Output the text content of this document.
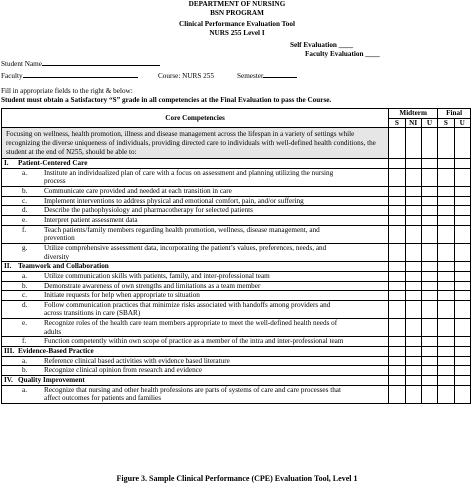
DEPARTMENT OF NURSING
BSN PROGRAM
Clinical Performance Evaluation Tool
NURS 255 Level I
Self Evaluation ____
Faculty Evaluation ____
Student Name
Faculty	Course: NURS 255	Semester
Fill in appropriate fields to the right & below:
Student must obtain a Satisfactory “S” grade in all competencies at the Final Evaluation to pass the Course.
Core Competencies	Midterm			Final	
	S	NI	U	S	U
Focusing on wellness, health promotion, illness and disease management across the lifespan in a variety of settings while recognizing the diverse uniqueness of individuals, providing directed care to individuals with well-defined health conditions, the student at the end of N255, should be able to:					
I. Patient-Centered Care					
a. Institute an individualized plan of care with a focus on assessment and planning utilizing the nursing process					
b. Communicate care provided and needed at each transition in care					
c. Implement interventions to address physical and emotional comfort, pain, and/or suffering					
d. Describe the pathophysiology and pharmacotherapy for selected patients					
e. Interpret patient assessment data					
f. Teach patients/family members regarding health promotion, wellness, disease management, and prevention					
g. Utilize comprehensive assessment data, incorporating the patient’s values, preferences, needs, and diversity					
II. Teamwork and Collaboration					
a. Utilize communication skills with patients, family, and inter-professional team					
b. Demonstrate awareness of own strengths and limitations as a team member					
c. Initiate requests for help when appropriate to situation					
d. Follow communication practices that minimize risks associated with handoffs among providers and across transitions in care (SBAR)					
e. Recognize roles of the health care team members appropriate to meet the well-defined health needs of adults					
f. Function competently within own scope of practice as a member of the intra and inter-professional team					
III. Evidence-Based Practice					
a. Reference clinical based activities with evidence based literature					
b. Recognize clinical opinion from research and evidence					
IV. Quality Improvement					
a. Recognize that nursing and other health professions are parts of systems of care and care processes that affect outcomes for patients and families					
Figure 3. Sample Clinical Performance (CPE) Evaluation Tool, Level 1
